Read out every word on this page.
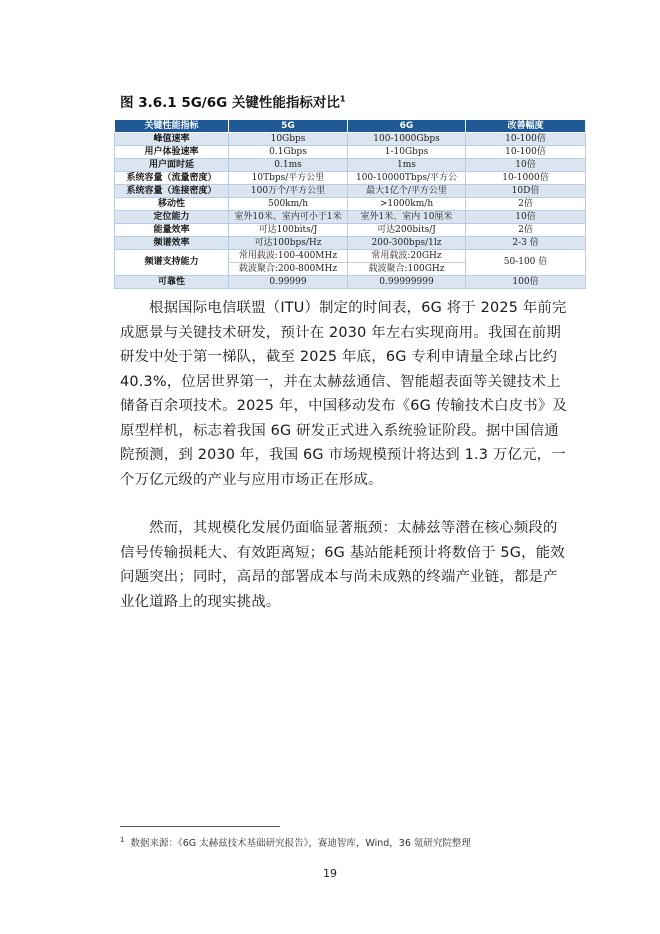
图 3.6.1 5G/6G 关键性能指标对比$^1$
关键性能指标	5G	6G	改善幅度
峰值速率	10Gbps	100-1000Gbps	10-100倍
用户体验速率	0.1Gbps	1-10Gbps	10-100倍
用户面时延	0.1ms	1ms	10倍
系统容量（流量密度）	10Tbps/平方公里	100-10000Tbps/平方公	10-1000倍
系统容量（连接密度）	100万个/平方公里	最大1亿个/平方公里	10D倍
移动性	500km/h	>1000km/h	2倍
定位能力	室外10米、室内可小于1米	室外1米、室内 10厘米	10倍
能量效率	可达100bits/J	可达200bits/J	2倍
频谱效率	可达100bps/Hz	200-300bps/1lz	2-3 倍
频谱支持能力	常用载波:100-400MHz	常用载波:20GHz	50-100 倍
	载波聚合:200-800MHz	载波聚合:100GHz	
可靠性	0.99999	0.99999999	100倍

根据国际电信联盟（ITU）制定的时间表，6G 将于 2025 年前完成愿景与关键技术研发，预计在 2030 年左右实现商用。我国在前期研发中处于第一梯队，截至 2025 年底，6G 专利申请量全球占比约 40.3%，位居世界第一，并在太赫兹通信、智能超表面等关键技术上储备百余项技术。2025 年，中国移动发布《6G 传输技术白皮书》及原型样机，标志着我国 6G 研发正式进入系统验证阶段。据中国信通院预测，到 2030 年，我国 6G 市场规模预计将达到 1.3 万亿元，一个万亿元级的产业与应用市场正在形成。

然而，其规模化发展仍面临显著瓶颈：太赫兹等潜在核心频段的信号传输损耗大、有效距离短；6G 基站能耗预计将数倍于 5G，能效问题突出；同时，高昂的部署成本与尚未成熟的终端产业链，都是产业化道路上的现实挑战。

$^1$ 数据来源：《6G 太赫兹技术基础研究报告》，赛迪智库，Wind，36 氪研究院整理
19
